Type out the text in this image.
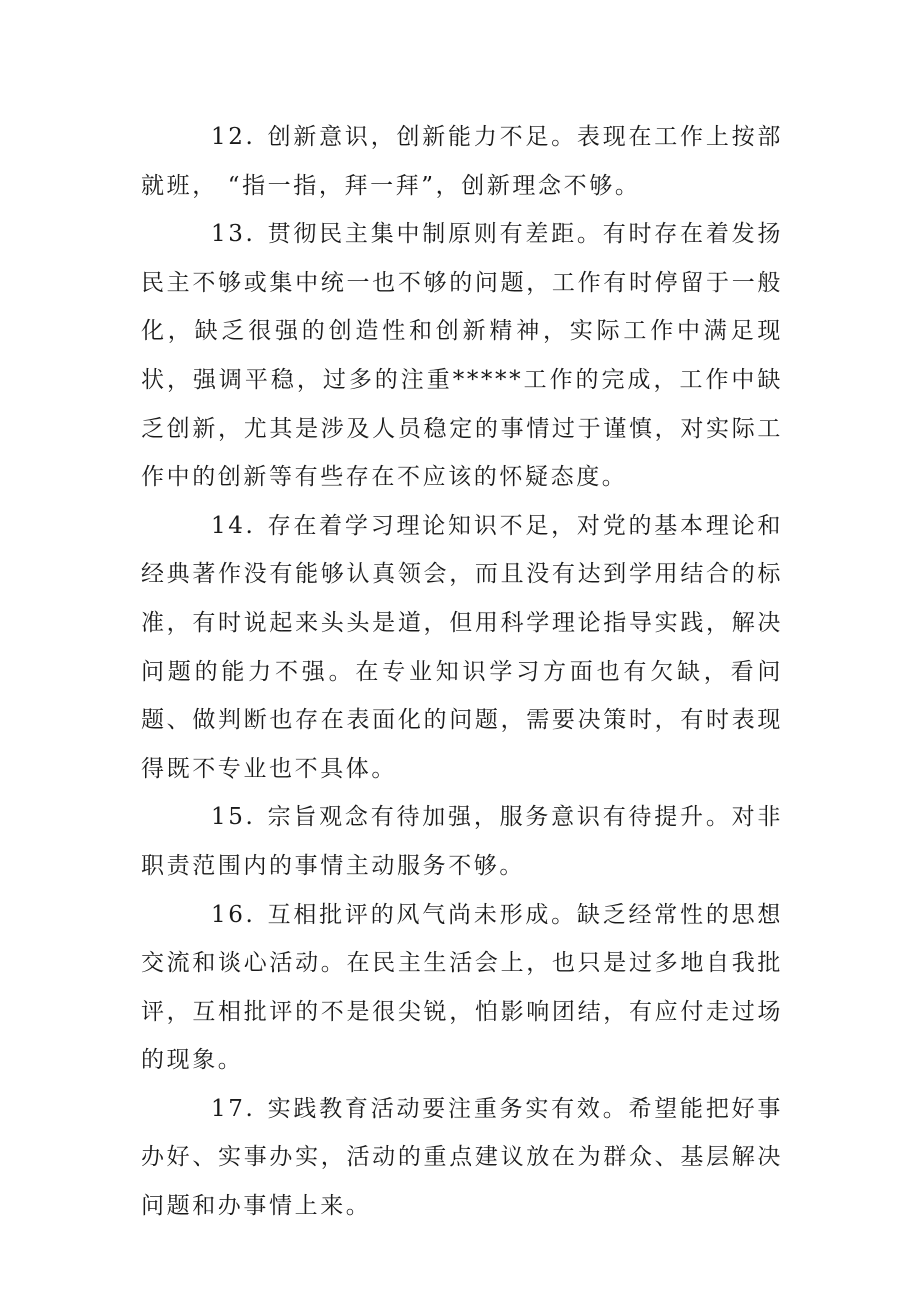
12. 创新意识，创新能力不足。表现在工作上按部就班， “指一指，拜一拜”，创新理念不够。

13. 贯彻民主集中制原则有差距。有时存在着发扬民主不够或集中统一也不够的问题，工作有时停留于一般化，缺乏很强的创造性和创新精神，实际工作中满足现状，强调平稳，过多的注重*****工作的完成，工作中缺乏创新，尤其是涉及人员稳定的事情过于谨慎，对实际工作中的创新等有些存在不应该的怀疑态度。

14. 存在着学习理论知识不足，对党的基本理论和经典著作没有能够认真领会，而且没有达到学用结合的标准，有时说起来头头是道，但用科学理论指导实践，解决问题的能力不强。在专业知识学习方面也有欠缺，看问题、做判断也存在表面化的问题，需要决策时，有时表现得既不专业也不具体。

15. 宗旨观念有待加强，服务意识有待提升。对非职责范围内的事情主动服务不够。

16. 互相批评的风气尚未形成。缺乏经常性的思想交流和谈心活动。在民主生活会上，也只是过多地自我批评，互相批评的不是很尖锐，怕影响团结，有应付走过场的现象。

17. 实践教育活动要注重务实有效。希望能把好事办好、实事办实，活动的重点建议放在为群众、基层解决问题和办事情上来。
